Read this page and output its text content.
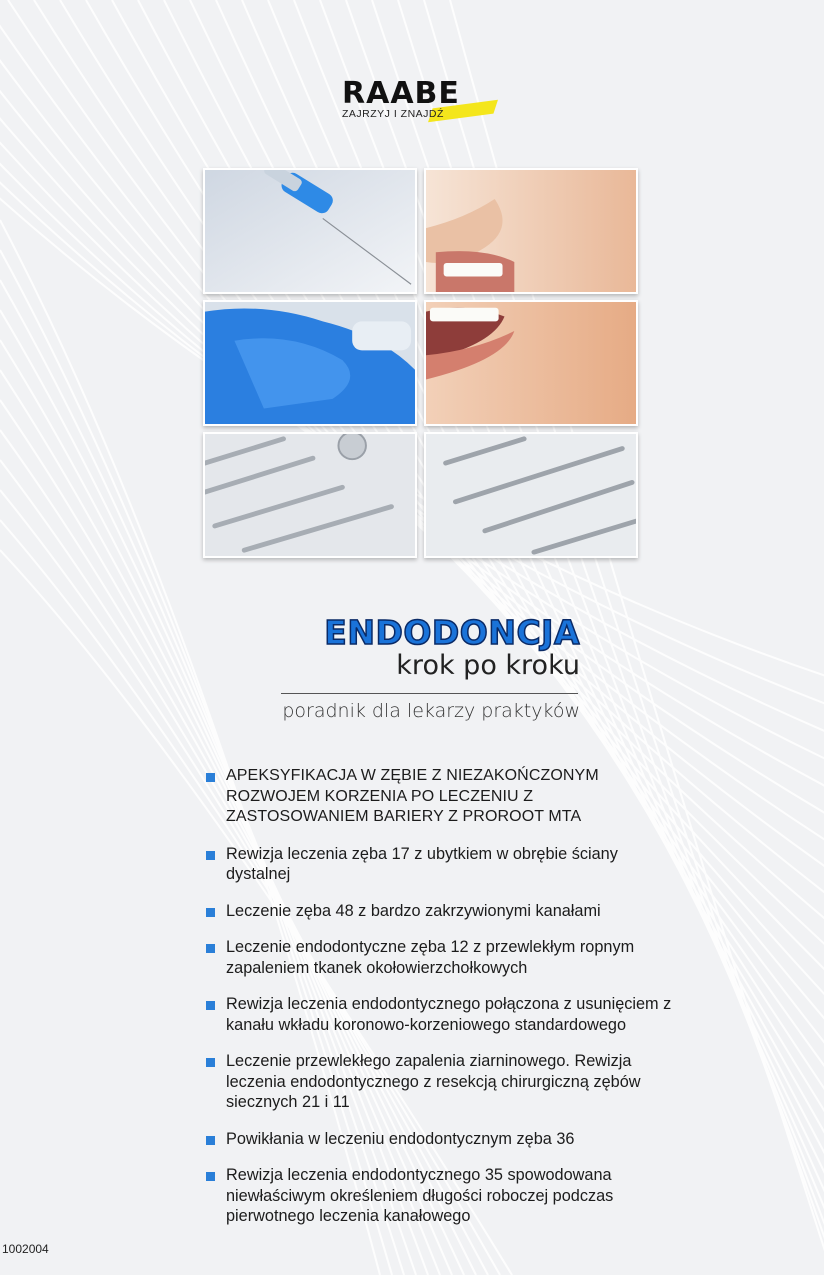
RAABE
ZAJRZYJ I ZNAJDŹ
ENDODONCJA
krok po kroku
poradnik dla lekarzy praktyków
APEKSYFIKACJA W ZĘBIE Z NIEZAKOŃCZONYM ROZWOJEM KORZENIA PO LECZENIU Z ZASTOSOWANIEM BARIERY Z PROROOT MTA
Rewizja leczenia zęba 17 z ubytkiem w obrębie ściany dystalnej
Leczenie zęba 48 z bardzo zakrzywionymi kanałami
Leczenie endodontyczne zęba 12 z przewlekłym ropnym zapaleniem tkanek okołowierzchołkowych
Rewizja leczenia endodontycznego połączona z usunięciem z kanału wkładu koronowo-korzeniowego standardowego
Leczenie przewlekłego zapalenia ziarninowego. Rewizja leczenia endodontycznego z resekcją chirurgiczną zębów siecznych 21 i 11
Powikłania w leczeniu endodontycznym zęba 36
Rewizja leczenia endodontycznego 35 spowodowana niewłaściwym określeniem długości roboczej podczas pierwotnego leczenia kanałowego
1002004
